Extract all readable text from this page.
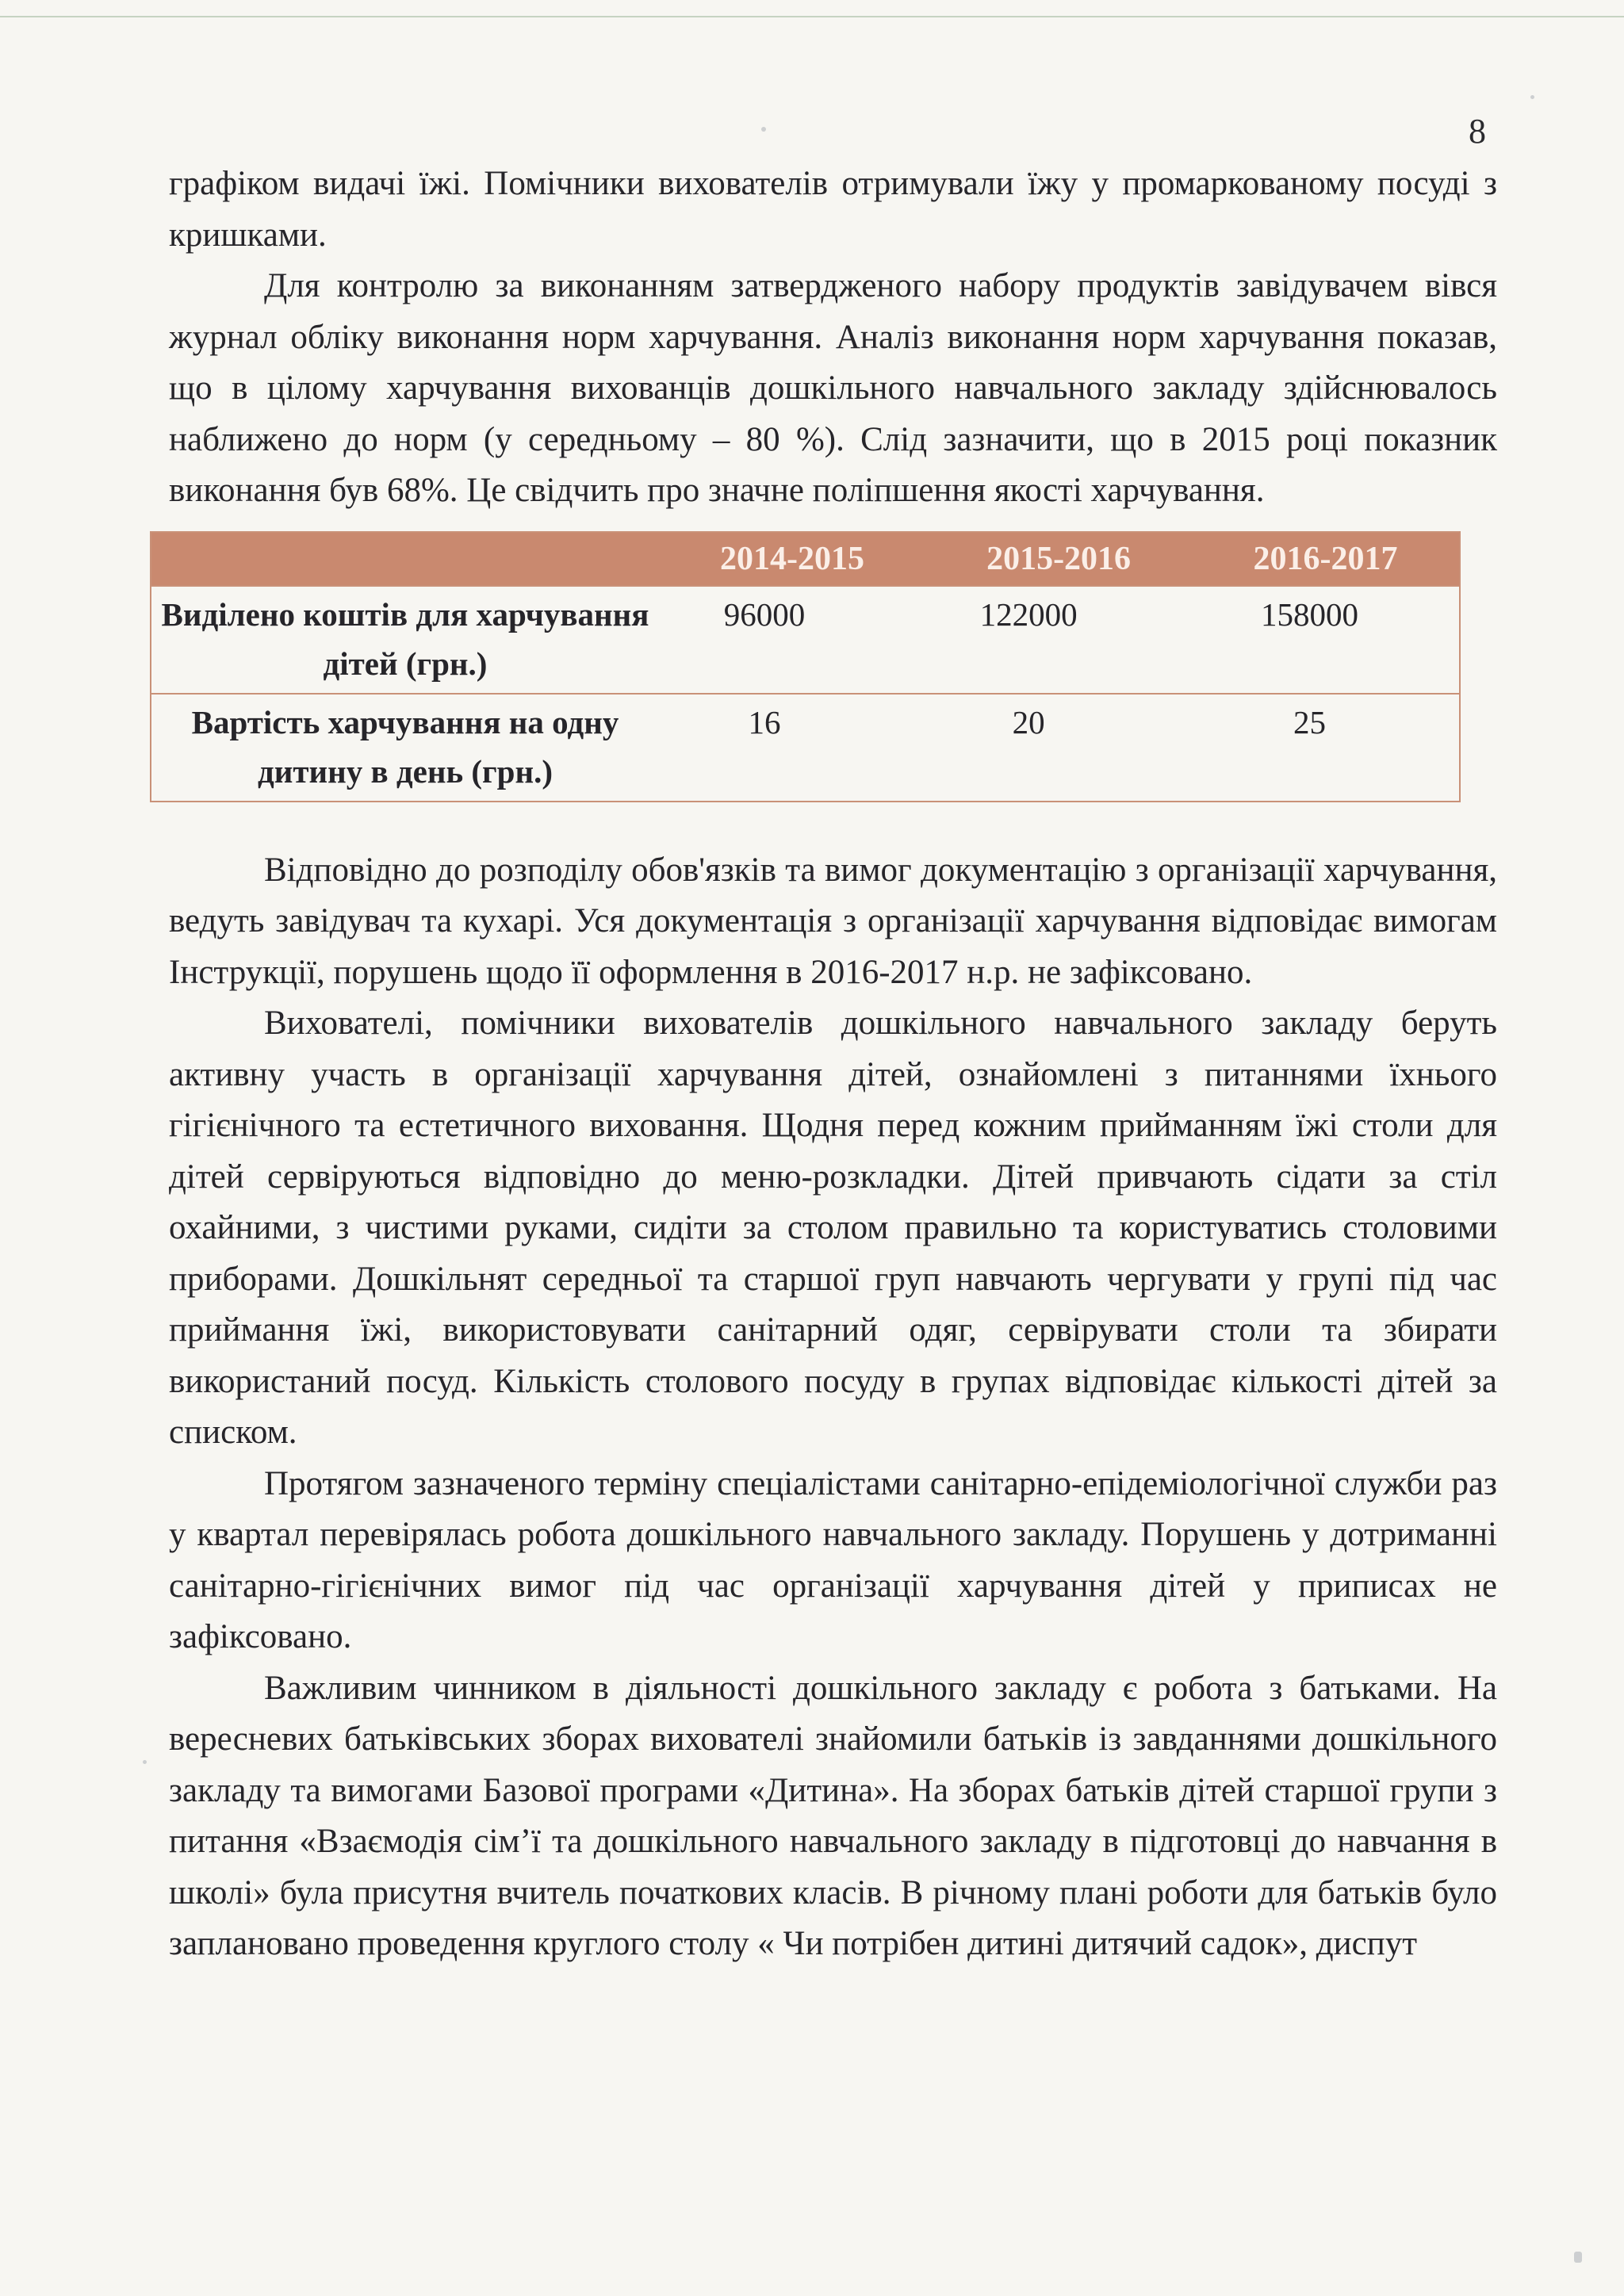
8

графіком видачі їжі. Помічники вихователів отримували їжу у промаркованому посуді з кришками.

Для контролю за виконанням затвердженого набору продуктів завідувачем вівся журнал обліку виконання норм харчування. Аналіз виконання норм харчування показав, що в цілому харчування вихованців дошкільного навчального закладу здійснювалось наближено до норм (у середньому – 80 %). Слід зазначити, що в 2015 році показник виконання був 68%. Це свідчить про значне поліпшення якості харчування.

	2014-2015	2015-2016	2016-2017
Виділено коштів для харчування дітей (грн.)	96000	122000	158000
Вартість харчування на одну дитину в день (грн.)	16	20	25

Відповідно до розподілу обов'язків та вимог документацію з організації харчування, ведуть завідувач та кухарі. Уся документація з організації харчування відповідає вимогам Інструкції, порушень щодо її оформлення в 2016-2017 н.р. не зафіксовано.

Вихователі, помічники вихователів дошкільного навчального закладу беруть активну участь в організації харчування дітей, ознайомлені з питаннями їхнього гігієнічного та естетичного виховання. Щодня перед кожним прийманням їжі столи для дітей сервіруються відповідно до меню-розкладки. Дітей привчають сідати за стіл охайними, з чистими руками, сидіти за столом правильно та користуватись столовими приборами. Дошкільнят середньої та старшої груп навчають чергувати у групі під час приймання їжі, використовувати санітарний одяг, сервірувати столи та збирати використаний посуд. Кількість столового посуду в групах відповідає кількості дітей за списком.

Протягом зазначеного терміну спеціалістами санітарно-епідеміологічної служби раз у квартал перевірялась робота дошкільного навчального закладу. Порушень у дотриманні санітарно-гігієнічних вимог під час організації харчування дітей у приписах не зафіксовано.

Важливим чинником в діяльності дошкільного закладу є робота з батьками. На вересневих батьківських зборах вихователі знайомили батьків із завданнями дошкільного закладу та вимогами Базової програми «Дитина». На зборах батьків дітей старшої групи з питання «Взаємодія сім’ї та дошкільного навчального закладу в підготовці до навчання в школі» була присутня вчитель початкових класів. В річному плані роботи для батьків було заплановано проведення круглого столу « Чи потрібен дитині дитячий садок», диспут
